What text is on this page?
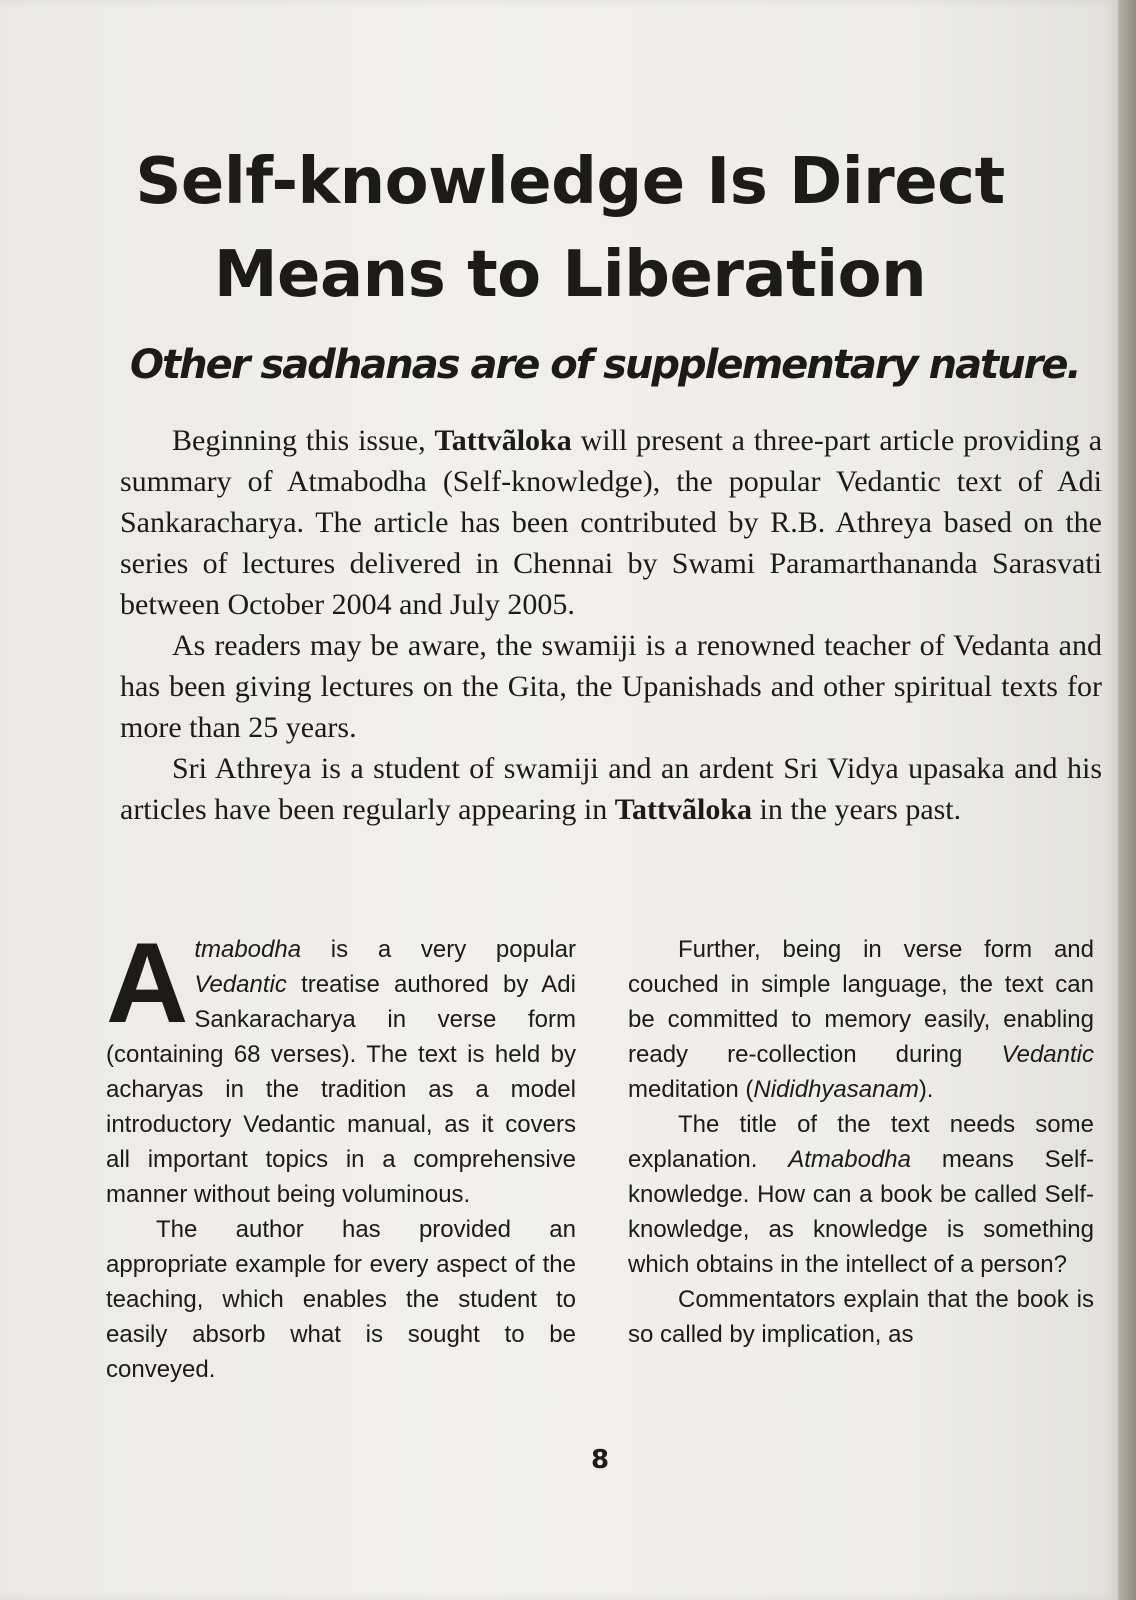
Self-knowledge Is Direct
Means to Liberation
Other sadhanas are of supplementary nature.

Beginning this issue, Tattvãloka will present a three-part article providing a summary of Atmabodha (Self-knowledge), the popular Vedantic text of Adi Sankaracharya. The article has been contributed by R.B. Athreya based on the series of lectures delivered in Chennai by Swami Paramarthananda Sarasvati between October 2004 and July 2005.

As readers may be aware, the swamiji is a renowned teacher of Vedanta and has been giving lectures on the Gita, the Upanishads and other spiritual texts for more than 25 years.

Sri Athreya is a student of swamiji and an ardent Sri Vidya upasaka and his articles have been regularly appearing in Tattvãloka in the years past.

Atmabodha is a very popular Vedantic treatise authored by Adi Sankaracharya in verse form (containing 68 verses). The text is held by acharyas in the tradition as a model introductory Vedantic manual, as it covers all important topics in a comprehensive manner without being voluminous.

The author has provided an appropriate example for every aspect of the teaching, which enables the student to easily absorb what is sought to be conveyed.

Further, being in verse form and couched in simple language, the text can be committed to memory easily, enabling ready re-collection during Vedantic meditation (Nididhyasanam).

The title of the text needs some explanation. Atmabodha means Self-knowledge. How can a book be called Self-knowledge, as knowledge is something which obtains in the intellect of a person?

Commentators explain that the book is so called by implication, as

8
